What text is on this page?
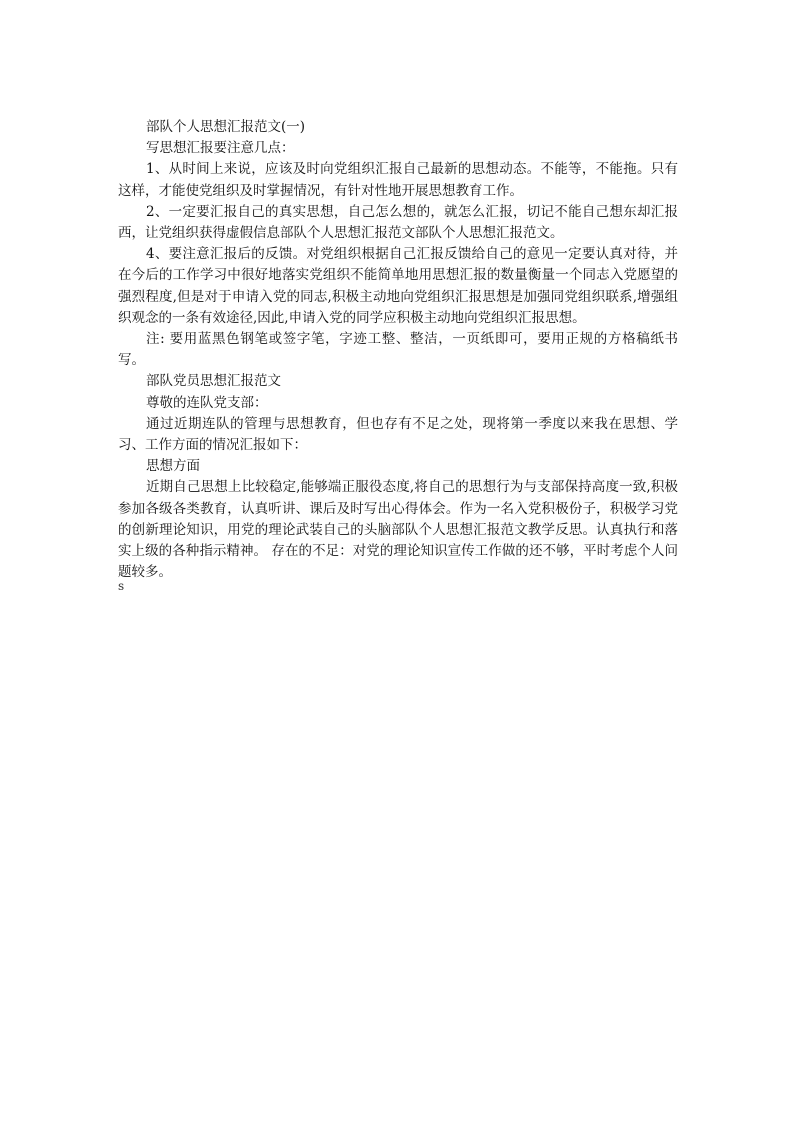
部队个人思想汇报范文(一)

写思想汇报要注意几点：

1、从时间上来说，应该及时向党组织汇报自己最新的思想动态。不能等，不能拖。只有这样，才能使党组织及时掌握情况，有针对性地开展思想教育工作。

2、一定要汇报自己的真实思想，自己怎么想的，就怎么汇报，切记不能自己想东却汇报西，让党组织获得虚假信息部队个人思想汇报范文部队个人思想汇报范文。

4、要注意汇报后的反馈。对党组织根据自己汇报反馈给自己的意见一定要认真对待，并在今后的工作学习中很好地落实党组织不能简单地用思想汇报的数量衡量一个同志入党愿望的强烈程度,但是对于申请入党的同志,积极主动地向党组织汇报思想是加强同党组织联系,增强组织观念的一条有效途径,因此,申请入党的同学应积极主动地向党组织汇报思想。

注: 要用蓝黑色钢笔或签字笔，字迹工整、整洁，一页纸即可，要用正规的方格稿纸书写。

部队党员思想汇报范文

尊敬的连队党支部：

通过近期连队的管理与思想教育，但也存有不足之处，现将第一季度以来我在思想、学习、工作方面的情况汇报如下：

思想方面

近期自己思想上比较稳定,能够端正服役态度,将自己的思想行为与支部保持高度一致,积极参加各级各类教育，认真听讲、课后及时写出心得体会。作为一名入党积极份子，积极学习党的创新理论知识，用党的理论武装自己的头脑部队个人思想汇报范文教学反思。认真执行和落实上级的各种指示精神。 存在的不足：对党的理论知识宣传工作做的还不够，平时考虑个人问题较多。

s
